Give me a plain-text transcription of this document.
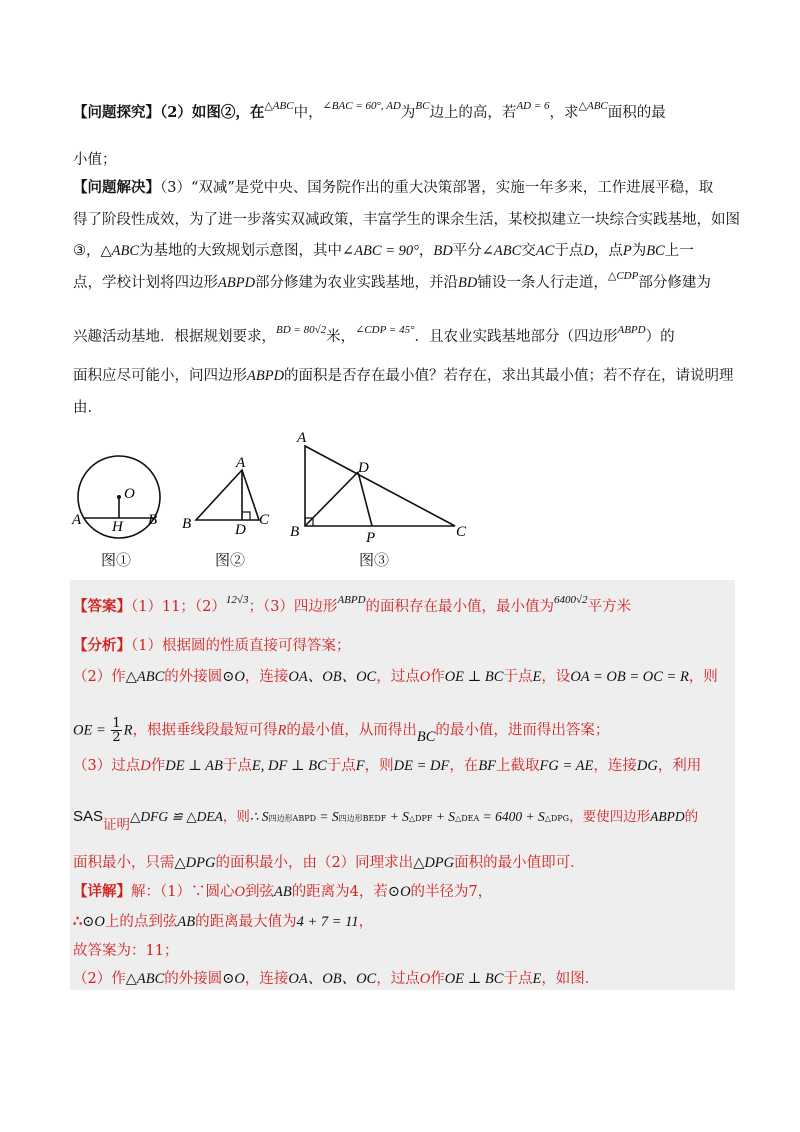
【问题探究】（2）如图②，在$^{\triangle ABC}$中，$^{\angle BAC = 60^\circ, AD}$为$^{BC}$边上的高，若$^{AD = 6}$，求$^{\triangle ABC}$面积的最
小值；
【问题解决】（3）“双减”是党中央、国务院作出的重大决策部署，实施一年多来，工作进展平稳，取
得了阶段性成效，为了进一步落实双减政策，丰富学生的课余生活，某校拟建立一块综合实践基地，如图
③，△ABC为基地的大致规划示意图，其中∠ABC = 90°，BD平分∠ABC交AC于点D，点P为BC上一
点，学校计划将四边形ABPD部分修建为农业实践基地，并沿BD铺设一条人行走道，$^{\triangle CDP}$部分修建为
兴趣活动基地．根据规划要求，$^{BD = 80√2}$米，$^{\angle CDP = 45^\circ}$．且农业实践基地部分（四边形$^{ABPD}$）的
面积应尽可能小，问四边形ABPD的面积是否存在最小值？若存在，求出其最小值；若不存在，请说明理
由．
O
A H B
A
B	D
C
A
D
B	P	C
图①	图②	图③
【答案】（1）11；$(2)^{12√3}$；（3）四边形$^{ABPD}$的面积存在最小值，最小值为$^{6400√2}$平方米
【分析】（1）根据圆的性质直接可得答案；
（2）作△ABC的外接圆⊙O，连接OA、OB、OC，过点O作OE ⊥ BC于点E，设OA = OB = OC = R，则
OE = $\frac{1}{2}$ R，根据垂线段最短可得R的最小值，从而得出BC的最小值，进而得出答案；
（3）过点D作DE ⊥ AB于点E, DF ⊥ BC于点F，则DE = DF，在BF上截取FG = AE，连接DG，利用
SAS证明△DFG ≌ △DEA，则∴ S四边形ABPD = S四边形BEDF + S△DPF + S△DEA = 6400 + S△DPG，要使四边形ABPD的
面积最小，只需△DPG的面积最小，由（2）同理求出△DPG面积的最小值即可．
【详解】解：（1）∵圆心O到弦AB的距离为4，若⊙O的半径为7，
∴⊙O上的点到弦AB的距离最大值为4 + 7 = 11，
故答案为：11；
（2）作△ABC的外接圆⊙O，连接OA、OB、OC，过点O作OE ⊥ BC于点E，如图．
